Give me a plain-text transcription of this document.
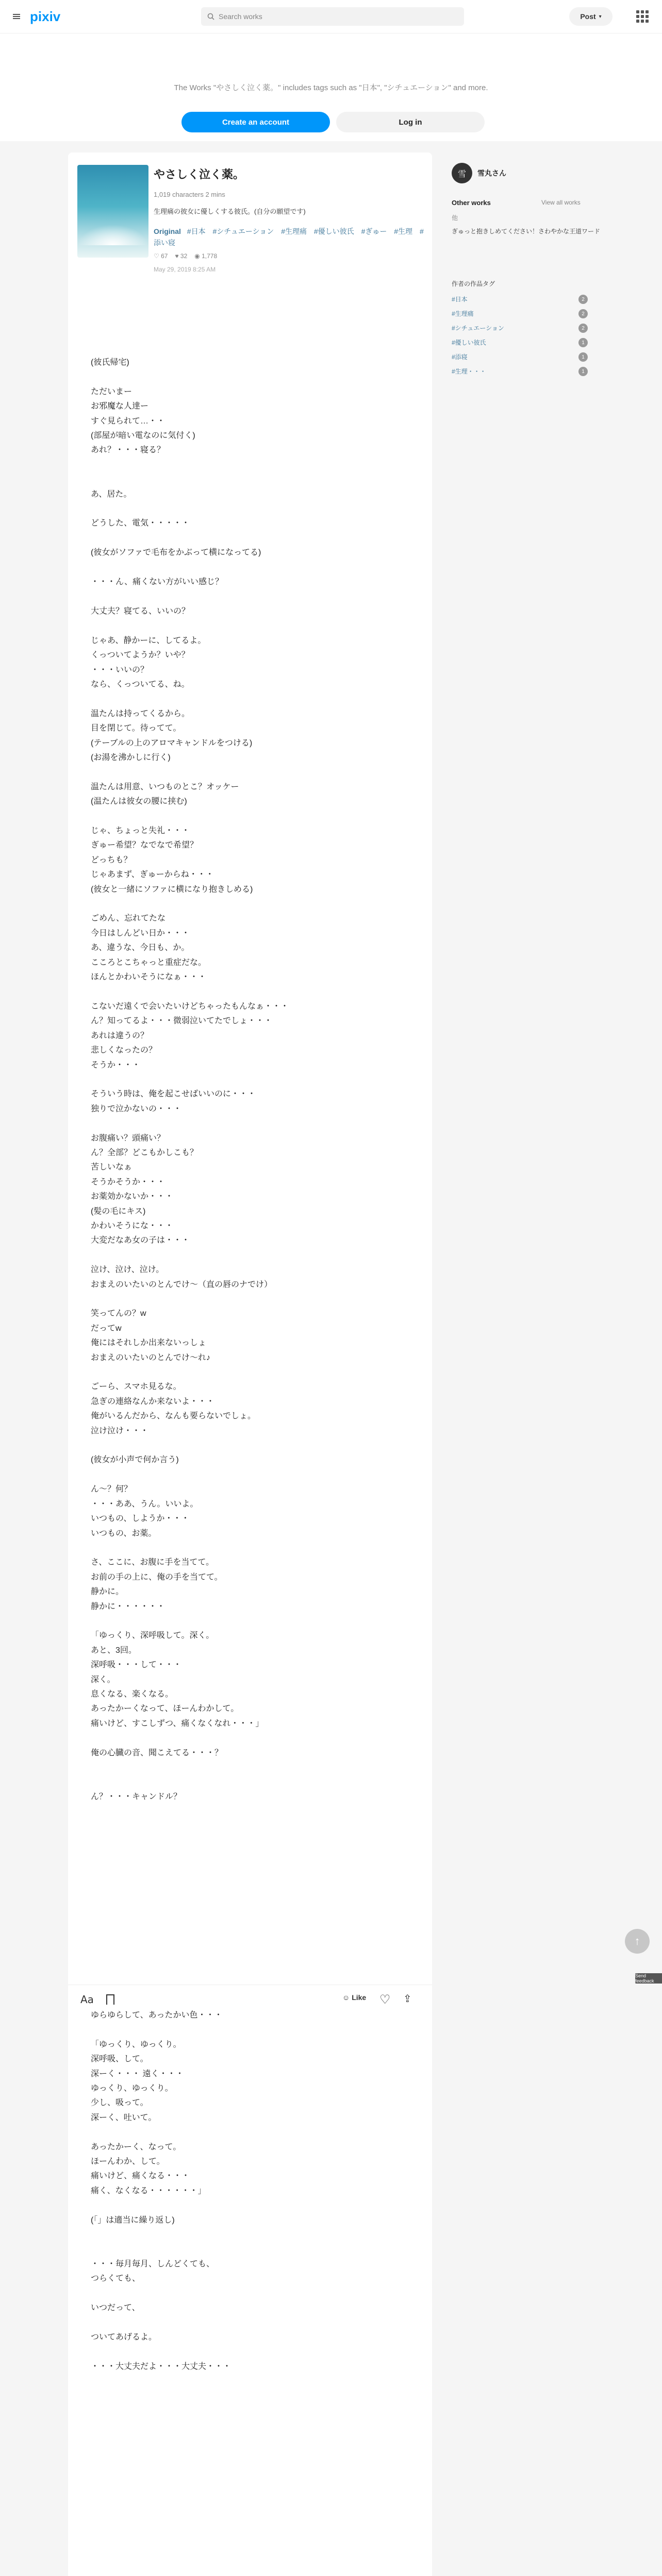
pixiv	Search works	Post ▾
The Works "やさしく泣く薬。" includes tags such as "日本", "シチュエーション" and more.
Create an account	Log in
やさしく泣く薬。
1,019 characters 2 mins
生理痛の彼女に優しくする彼氏。(自分の願望です)
Original #日本 #シチュエーション #生理痛 #優しい彼氏 #ぎゅー #生理 #添い寝
♡ 67 ♥ 32 ◉ 1,778
May 29, 2019 8:25 AM
(彼氏帰宅)

ただいまー
お邪魔な人達ー
すぐ見られて…・・
(部屋が暗い電なのに気付く)
あれ？・・・寝る？

あ、居た。

どうした、電気・・・・・

(彼女がソファで毛布をかぶって横になってる)

・・・ん、痛くない方がいい感じ？

大丈夫？寝てる、いいの？

じゃあ、静かーに、してるよ。
くっついてようか？いや？
・・・いいの？
なら、くっついてる、ね。

温たんは持ってくるから。
目を閉じて。待ってて。
(テーブルの上のアロマキャンドルをつける)
(お湯を沸かしに行く)

温たんは用意、いつものとこ？オッケー
(温たんは彼女の腰に挟む)

じゃ、ちょっと失礼・・・
ぎゅー希望？なでなで希望？
どっちも？
じゃあまず、ぎゅーからね・・・
(彼女と一緒にソファに横になり抱きしめる)

ごめん、忘れてたな
今日はしんどい日か・・・
あ、違うな、今日も、か。
こころとこちゃっと重症だな。
ほんとかわいそうになぁ・・・

こないだ遠くで会いたいけどちゃったもんなぁ・・・
ん？知ってるよ・・・微弱泣いてたでしょ・・・
あれは違うの？
悲しくなったの？
そうか・・・

そういう時は、俺を起こせばいいのに・・・
独りで泣かないの・・・

お腹痛い？頭痛い？
ん？全部？どこもかしこも？
苦しいなぁ
そうかそうか・・・
お薬効かないか・・・
(髪の毛にキス)
かわいそうにな・・・
大変だなあ女の子は・・・

泣け、泣け、泣け。
おまえのいたいのとんでけ～（直の唇のナでけ）

笑ってんの？w
だってw
俺にはそれしか出来ないっしょ
おまえのいたいのとんでけ～れ♪

ごーら、スマホ見るな。
急ぎの連絡なんか来ないよ・・・
俺がいるんだから、なんも要らないでしょ。
泣け泣け・・・

(彼女が小声で何か言う)

ん～？何？
・・・ああ、うん。いいよ。
いつもの、しようか・・・
いつもの、お薬。

さ、ここに、お腹に手を当てて。
お前の手の上に、俺の手を当てて。
静かに。
静かに・・・・・・

「ゆっくり、深呼吸して。深く。
あと、3回。
深呼吸・・・して・・・
深く。
息くなる、楽くなる。
あったかーくなって、ほーんわかして。
痛いけど、すこしずつ、痛くなくなれ・・・」

俺の心臓の音、聞こえてる・・・？

ん？・・・キャンドル？
Aa	☺ Like ♡ ⇪
ゆらゆらして、あったかい色・・・

「ゆっくり、ゆっくり。
深呼吸、して。
深ーく・・・ 遠く・・・
ゆっくり、ゆっくり。
少し、吸って。
深ーく、吐いて。

あったかーく、なって。
ほーんわか、して。
痛いけど、痛くなる・・・
痛く、なくなる・・・・・・」

(「」は適当に繰り返し)

・・・毎月毎月、しんどくても、
つらくても、

いつだって、

ついてあげるよ。

・・・大丈夫だよ・・・大丈夫・・・
雪	雪丸さん
Other works	View all works
他
ぎゅっと抱きしめてください！さわやかな王道ワード
作者の作品タグ
#日本	2
#生理痛	2
#シチュエーション	2
#優しい彼氏	1
#添寝	1
#生理・・・	1
↑
Send feedback
